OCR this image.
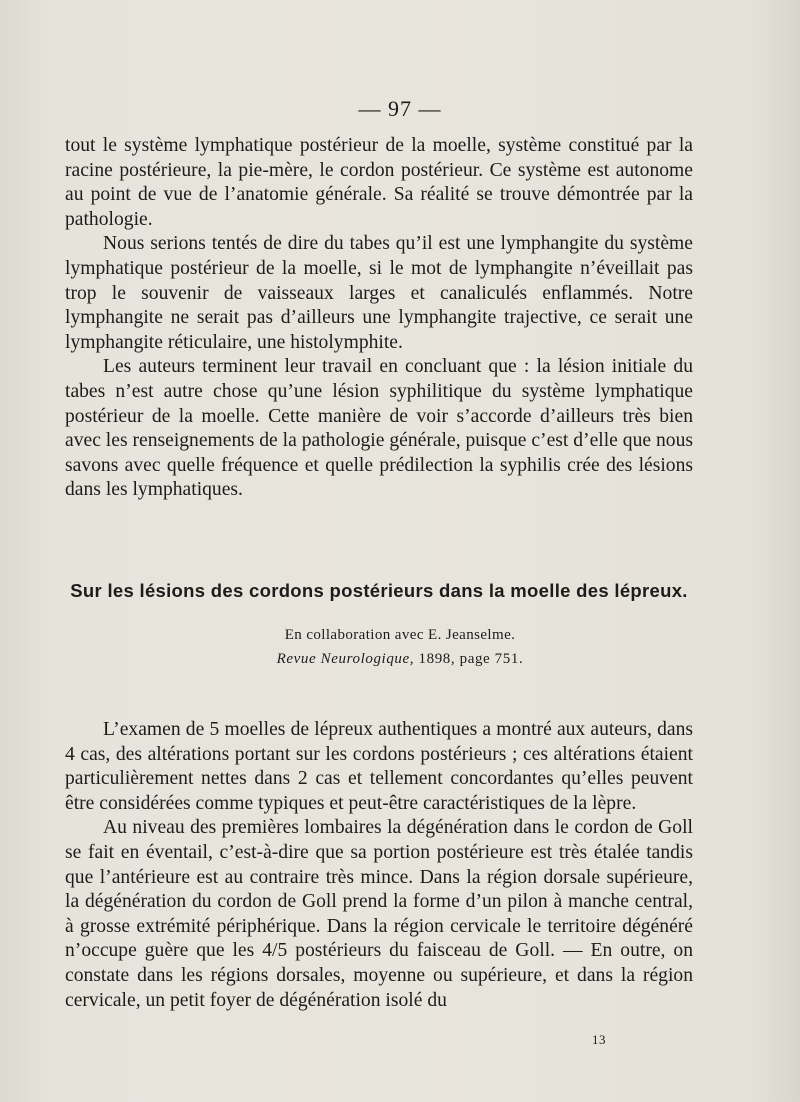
— 97 —

tout le système lymphatique postérieur de la moelle, système constitué par la racine postérieure, la pie-mère, le cordon postérieur. Ce système est autonome au point de vue de l’anatomie générale. Sa réalité se trouve démontrée par la pathologie.

Nous serions tentés de dire du tabes qu’il est une lymphangite du système lymphatique postérieur de la moelle, si le mot de lymphangite n’éveillait pas trop le souvenir de vaisseaux larges et canaliculés enflammés. Notre lymphangite ne serait pas d’ailleurs une lymphangite trajective, ce serait une lymphangite réticulaire, une histolymphite.

Les auteurs terminent leur travail en concluant que : la lésion initiale du tabes n’est autre chose qu’une lésion syphilitique du système lymphatique postérieur de la moelle. Cette manière de voir s’accorde d’ailleurs très bien avec les renseignements de la pathologie générale, puisque c’est d’elle que nous savons avec quelle fréquence et quelle prédilection la syphilis crée des lésions dans les lymphatiques.

Sur les lésions des cordons postérieurs dans la moelle des lépreux.
En collaboration avec E. Jeanselme.
Revue Neurologique, 1898, page 751.

L’examen de 5 moelles de lépreux authentiques a montré aux auteurs, dans 4 cas, des altérations portant sur les cordons postérieurs ; ces altérations étaient particulièrement nettes dans 2 cas et tellement concordantes qu’elles peuvent être considérées comme typiques et peut-être caractéristiques de la lèpre.

Au niveau des premières lombaires la dégénération dans le cordon de Goll se fait en éventail, c’est-à-dire que sa portion postérieure est très étalée tandis que l’antérieure est au contraire très mince. Dans la région dorsale supérieure, la dégénération du cordon de Goll prend la forme d’un pilon à manche central, à grosse extrémité périphérique. Dans la région cervicale le territoire dégénéré n’occupe guère que les 4/5 postérieurs du faisceau de Goll. — En outre, on constate dans les régions dorsales, moyenne ou supérieure, et dans la région cervicale, un petit foyer de dégénération isolé du

13
